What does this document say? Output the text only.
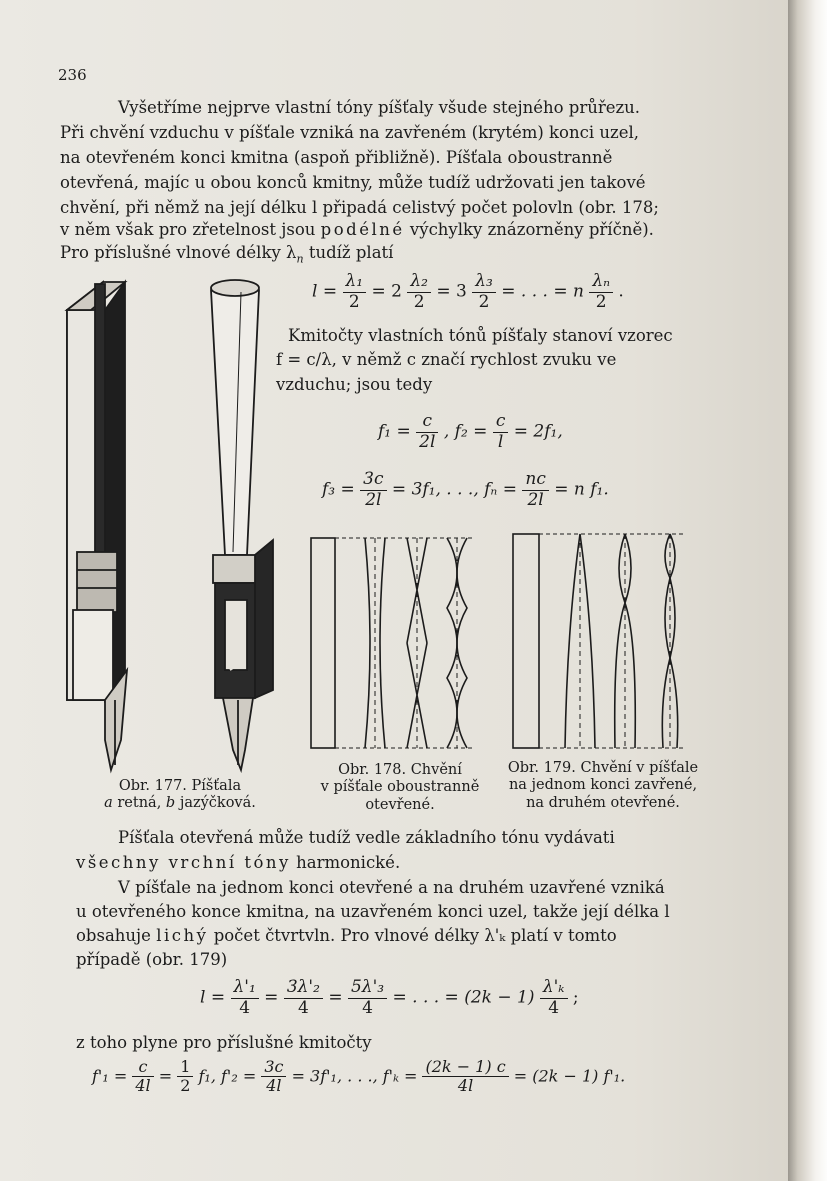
236
Vyšetříme nejprve vlastní tóny píšťaly všude stejného průřezu.
Při chvění vzduchu v píšťale vzniká na zavřeném (krytém) konci uzel,
na otevřeném konci kmitna (aspoň přibližně). Píšťala oboustranně
otevřená, majíc u obou konců kmitny, může tudíž udržovati jen takové
chvění, při němž na její délku l připadá celistvý počet polovln (obr. 178;
v něm však pro zřetelnost jsou podélné výchylky znázorněny příčně).
Pro příslušné vlnové délky $\lambda_n$ tudíž platí
$l = \frac{\text{λ₁}}{2} = 2 \frac{\text{λ₂}}{2} = 3 \frac{\text{λ₃}}{2}$ = . . . = n $\frac{\text{λₙ}}{2}$ .
Kmitočty vlastních tónů píšťaly stanoví vzorec
f = c/λ, v němž c značí rychlost zvuku ve
vzduchu; jsou tedy
$f_1 = \frac{c}{2l}$ , $f_2 = \frac{c}{l} = 2f_1$,
$f_3 = \frac{3c}{2l} = 3f_1$, . . ., $f_n = \frac{nc}{2l} = n$ f₁.
Obr. 177. Píšťala
a retná, b jazýčková.
Obr. 178. Chvění
v píšťale oboustranně
otevřené.
Obr. 179. Chvění v píšťale
na jednom konci zavřené,
na druhém otevřené.
Píšťala otevřená může tudíž vedle základního tónu vydávati
všechny vrchní tóny harmonické.
V píšťale na jednom konci otevřené a na druhém uzavřené vzniká
u otevřeného konce kmitna, na uzavřeném konci uzel, takže její délka l
obsahuje lichý počet čtvrtvln. Pro vlnové délky λ'ₖ platí v tomto
případě (obr. 179)
$l = \frac{\text{λ'₁}}{4} = \frac{\text{3λ'₂}}{4} = \frac{\text{5λ'₃}}{4}$ = . . . = $(2k - 1) \frac{\text{λ'ₖ}}{4}$ ;
z toho plyne pro příslušné kmitočty
$f'_1 = \frac{c}{4l} = \frac{1}{2} f_1$, $f'_2 = \frac{3c}{4l} = 3f'_1$, . . ., $f'_k = \frac{(2k - 1) c}{4l} = (2k - 1)$ f'₁.
